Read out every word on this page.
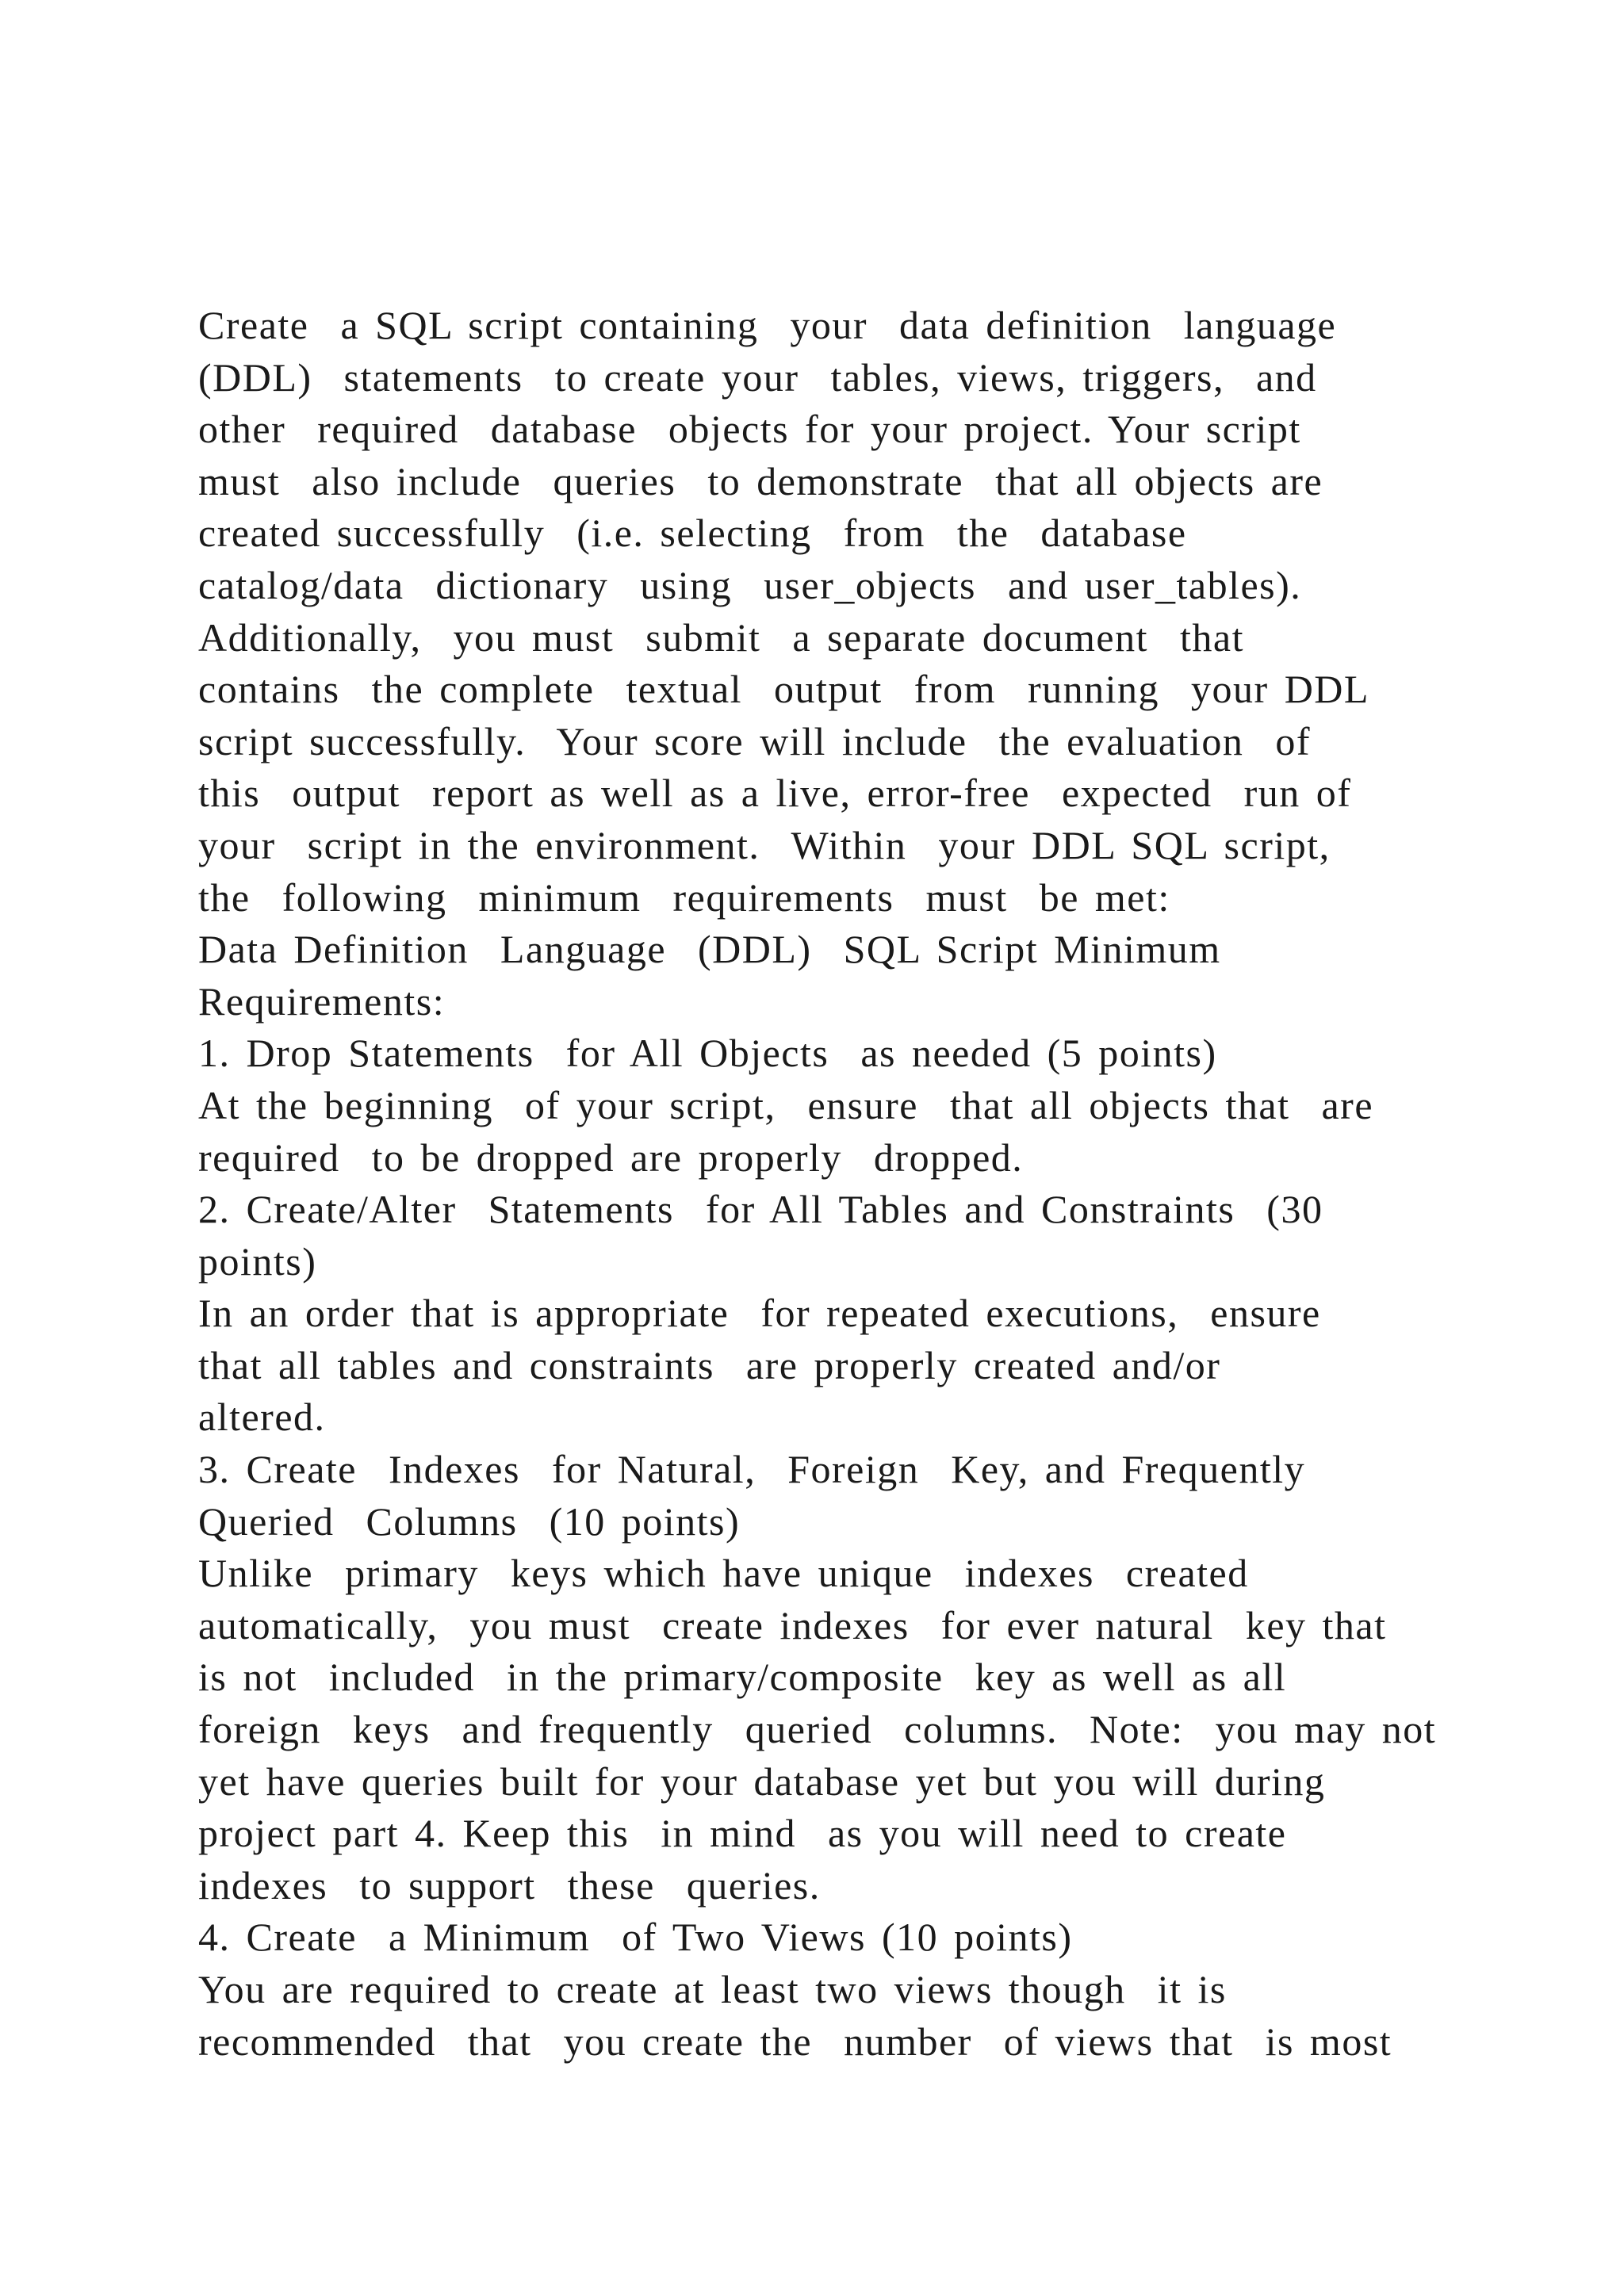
Create  a SQL script containing  your  data definition  language
(DDL)  statements  to create your  tables, views, triggers,  and
other  required  database  objects for your project. Your script
must  also include  queries  to demonstrate  that all objects are
created successfully  (i.e. selecting  from  the  database
catalog/data  dictionary  using  user_objects  and user_tables).
Additionally,  you must  submit  a separate document  that
contains  the complete  textual  output  from  running  your DDL
script successfully.  Your score will include  the evaluation  of
this  output  report as well as a live, error-free  expected  run of
your  script in the environment.  Within  your DDL SQL script,
the  following  minimum  requirements  must  be met:
Data Definition  Language  (DDL)  SQL Script Minimum
Requirements:
1. Drop Statements  for All Objects  as needed (5 points)
At the beginning  of your script,  ensure  that all objects that  are
required  to be dropped are properly  dropped.
2. Create/Alter  Statements  for All Tables and Constraints  (30
points)
In an order that is appropriate  for repeated executions,  ensure
that all tables and constraints  are properly created and/or
altered.
3. Create  Indexes  for Natural,  Foreign  Key, and Frequently
Queried  Columns  (10 points)
Unlike  primary  keys which have unique  indexes  created
automatically,  you must  create indexes  for ever natural  key that
is not  included  in the primary/composite  key as well as all
foreign  keys  and frequently  queried  columns.  Note:  you may not
yet have queries built for your database yet but you will during
project part 4. Keep this  in mind  as you will need to create
indexes  to support  these  queries.
4. Create  a Minimum  of Two Views (10 points)
You are required to create at least two views though  it is
recommended  that  you create the  number  of views that  is most
